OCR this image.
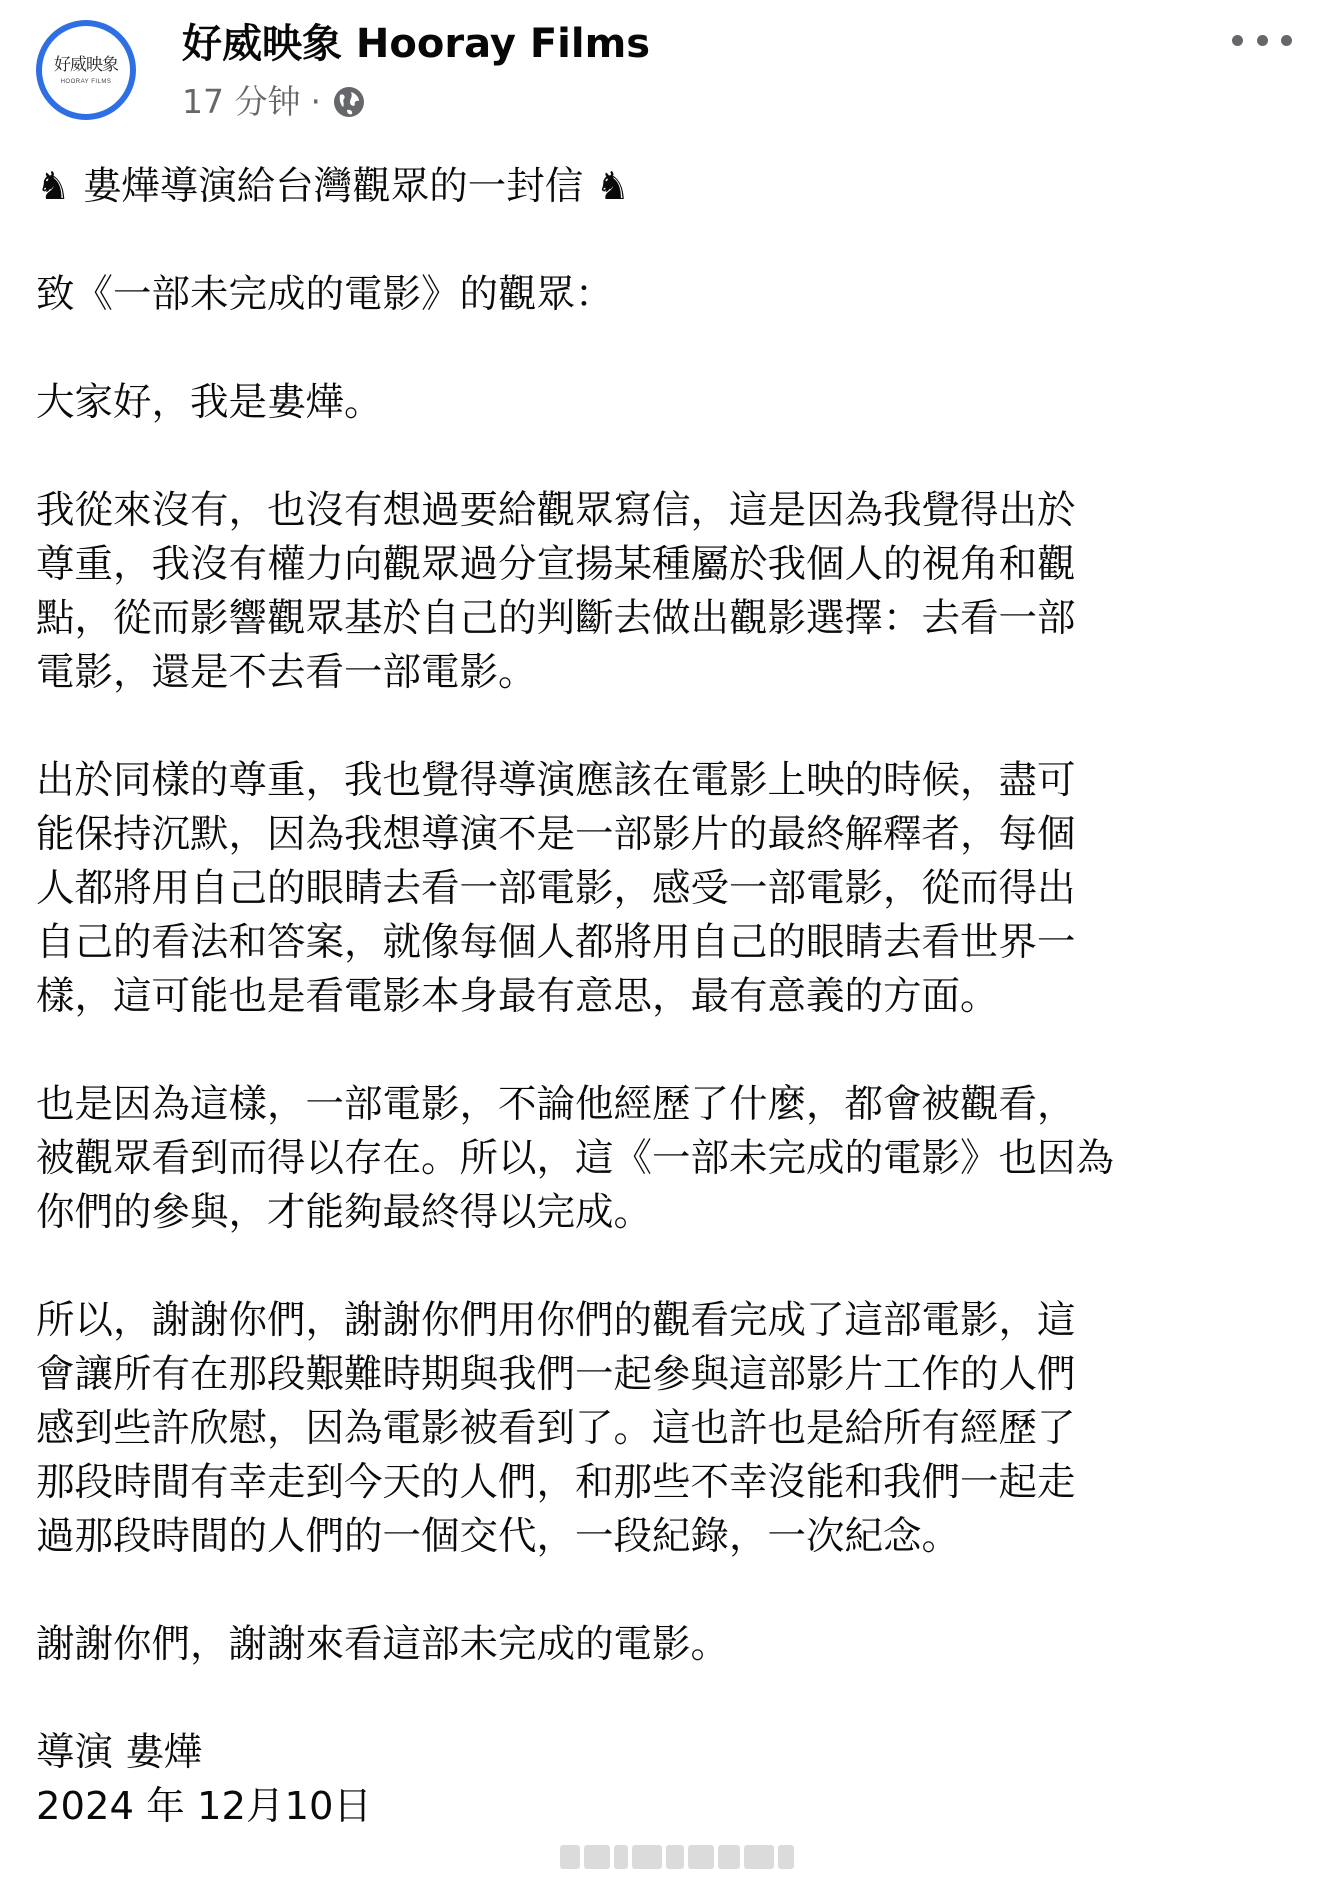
好威映象
HOORAY FILMS
好威映象 Hooray Films
17 分钟 ·

♞ 婁燁導演給台灣觀眾的一封信 ♞

致《一部未完成的電影》的觀眾：

大家好，我是婁燁。

我從來沒有，也沒有想過要給觀眾寫信，這是因為我覺得出於
尊重，我沒有權力向觀眾過分宣揚某種屬於我個人的視角和觀
點，從而影響觀眾基於自己的判斷去做出觀影選擇：去看一部
電影，還是不去看一部電影。

出於同樣的尊重，我也覺得導演應該在電影上映的時候，盡可
能保持沉默，因為我想導演不是一部影片的最終解釋者，每個
人都將用自己的眼睛去看一部電影，感受一部電影，從而得出
自己的看法和答案，就像每個人都將用自己的眼睛去看世界一
樣，這可能也是看電影本身最有意思，最有意義的方面。

也是因為這樣，一部電影，不論他經歷了什麼，都會被觀看，
被觀眾看到而得以存在。所以，這《一部未完成的電影》也因為
你們的參與，才能夠最終得以完成。

所以，謝謝你們，謝謝你們用你們的觀看完成了這部電影，這
會讓所有在那段艱難時期與我們一起參與這部影片工作的人們
感到些許欣慰，因為電影被看到了。這也許也是給所有經歷了
那段時間有幸走到今天的人們，和那些不幸沒能和我們一起走
過那段時間的人們的一個交代，一段紀錄，一次紀念。

謝謝你們，謝謝來看這部未完成的電影。

導演 婁燁

2024 年 12月10日
